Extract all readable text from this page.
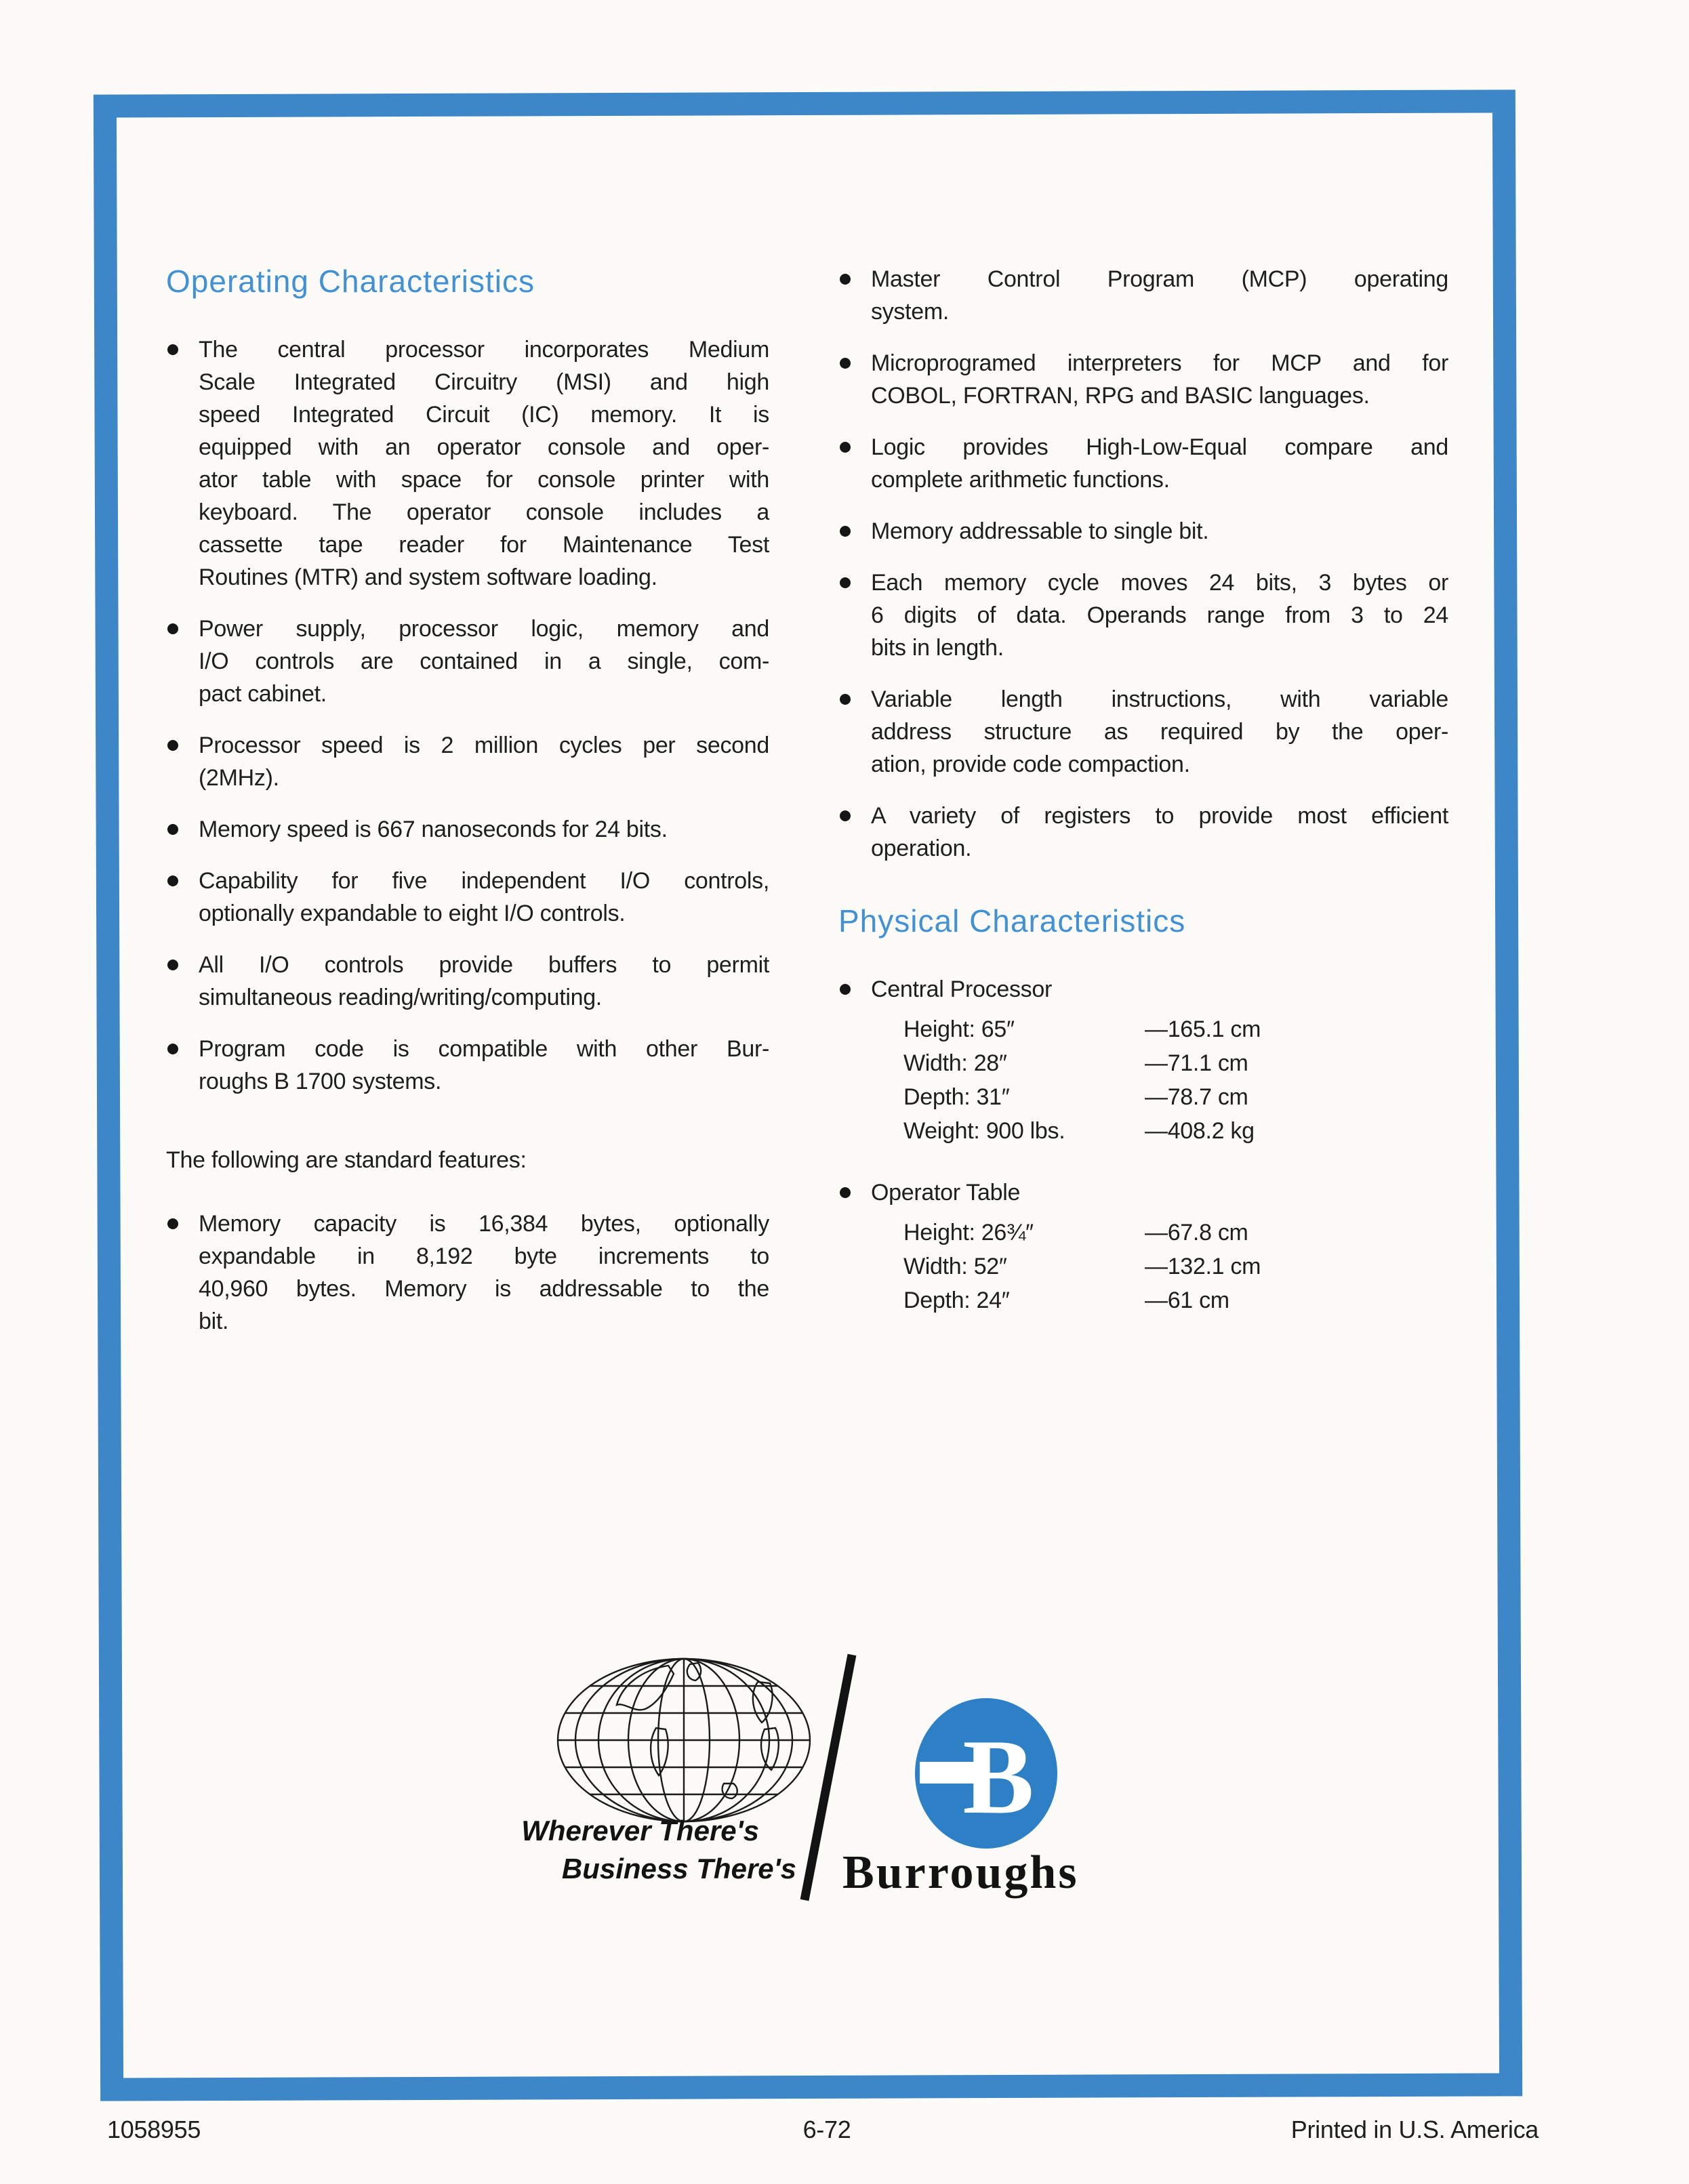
Operating Characteristics
The central processor incorporates Medium
Scale Integrated Circuitry (MSI) and high
speed Integrated Circuit (IC) memory. It is
equipped with an operator console and oper-
ator table with space for console printer with
keyboard. The operator console includes a
cassette tape reader for Maintenance Test
Routines (MTR) and system software loading.
Power supply, processor logic, memory and
I/O controls are contained in a single, com-
pact cabinet.
Processor speed is 2 million cycles per second
(2MHz).
Memory speed is 667 nanoseconds for 24 bits.
Capability for five independent I/O controls,
optionally expandable to eight I/O controls.
All I/O controls provide buffers to permit
simultaneous reading/writing/computing.
Program code is compatible with other Bur-
roughs B 1700 systems.

The following are standard features:

Memory capacity is 16,384 bytes, optionally
expandable in 8,192 byte increments to
40,960 bytes. Memory is addressable to the
bit.
Master Control Program (MCP) operating
system.
Microprogramed interpreters for MCP and for
COBOL, FORTRAN, RPG and BASIC languages.
Logic provides High-Low-Equal compare and
complete arithmetic functions.
Memory addressable to single bit.
Each memory cycle moves 24 bits, 3 bytes or
6 digits of data. Operands range from 3 to 24
bits in length.
Variable length instructions, with variable
address structure as required by the oper-
ation, provide code compaction.
A variety of registers to provide most efficient
operation.
Physical Characteristics
Central Processor
Height: 65″	—165.1 cm
Width: 28″	—71.1 cm
Depth: 31″	—78.7 cm
Weight: 900 lbs.	—408.2 kg
Operator Table
Height: 26¾″	—67.8 cm
Width: 52″	—132.1 cm
Depth: 24″	—61 cm
B
Wherever There's
Business There's Burroughs
1058955	6-72	Printed in U.S. America
